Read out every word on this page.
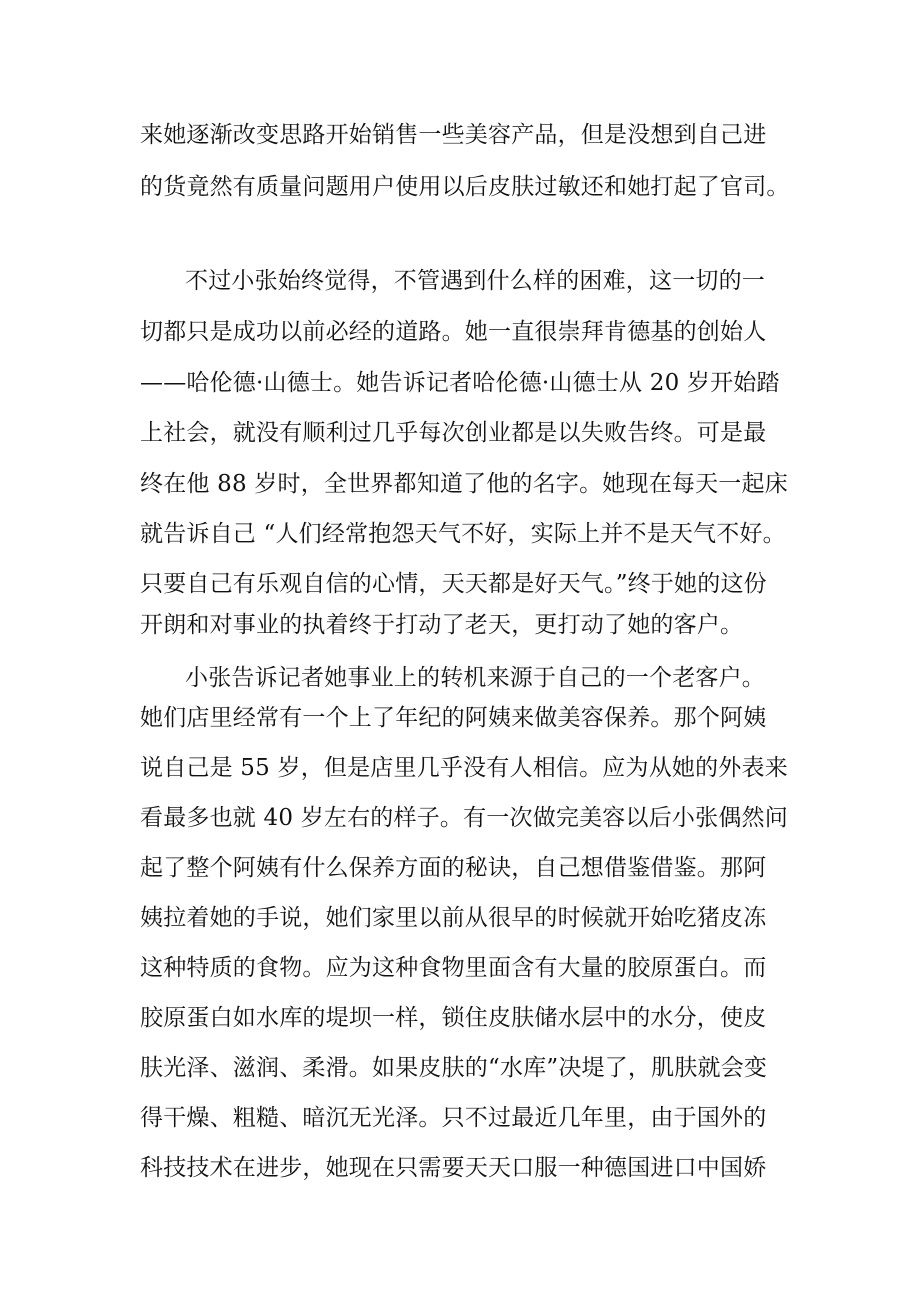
来她逐渐改变思路开始销售一些美容产品，但是没想到自己进
的货竟然有质量问题用户使用以后皮肤过敏还和她打起了官司。
不过小张始终觉得，不管遇到什么样的困难，这一切的一
切都只是成功以前必经的道路。她一直很崇拜肯德基的创始人
——哈伦德·山德士。她告诉记者哈伦德·山德士从 20 岁开始踏
上社会，就没有顺利过几乎每次创业都是以失败告终。可是最
终在他 88 岁时，全世界都知道了他的名字。她现在每天一起床
就告诉自己 “人们经常抱怨天气不好，实际上并不是天气不好。
只要自己有乐观自信的心情，天天都是好天气。”终于她的这份
开朗和对事业的执着终于打动了老天，更打动了她的客户。
小张告诉记者她事业上的转机来源于自己的一个老客户。
她们店里经常有一个上了年纪的阿姨来做美容保养。那个阿姨
说自己是 55 岁，但是店里几乎没有人相信。应为从她的外表来
看最多也就 40 岁左右的样子。有一次做完美容以后小张偶然问
起了整个阿姨有什么保养方面的秘诀，自己想借鉴借鉴。那阿
姨拉着她的手说，她们家里以前从很早的时候就开始吃猪皮冻
这种特质的食物。应为这种食物里面含有大量的胶原蛋白。而
胶原蛋白如水库的堤坝一样，锁住皮肤储水层中的水分，使皮
肤光泽、滋润、柔滑。如果皮肤的“水库”决堤了，肌肤就会变
得干燥、粗糙、暗沉无光泽。只不过最近几年里，由于国外的
科技技术在进步，她现在只需要天天口服一种德国进口中国娇
